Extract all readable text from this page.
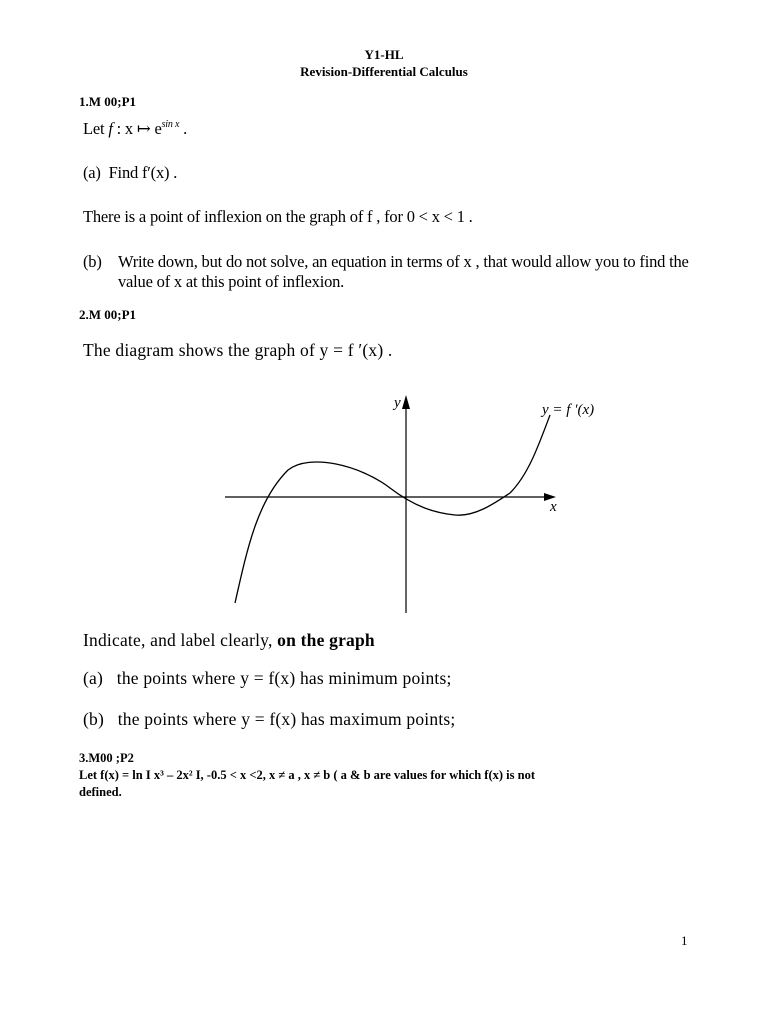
Y1-HL
Revision-Differential Calculus
1.M 00;P1
Let f : x ↦ $e^{sin x}$ .
(a) Find f′(x) .
There is a point of inflexion on the graph of f , for 0 < x < 1 .
(b) Write down, but do not solve, an equation in terms of x , that would allow you to find the
value of x at this point of inflexion.
2.M 00;P1
The diagram shows the graph of y = f ′(x) .
y
x
y = f ′(x)
Indicate, and label clearly, on the graph
(a) the points where y = f(x) has minimum points;
(b) the points where y = f(x) has maximum points;
3.M00 ;P2
Let f(x) = ln I x³ – 2x² I, -0.5 < x <2, x ≠ a , x ≠ b ( a & b are values for which f(x) is not
defined.
1
